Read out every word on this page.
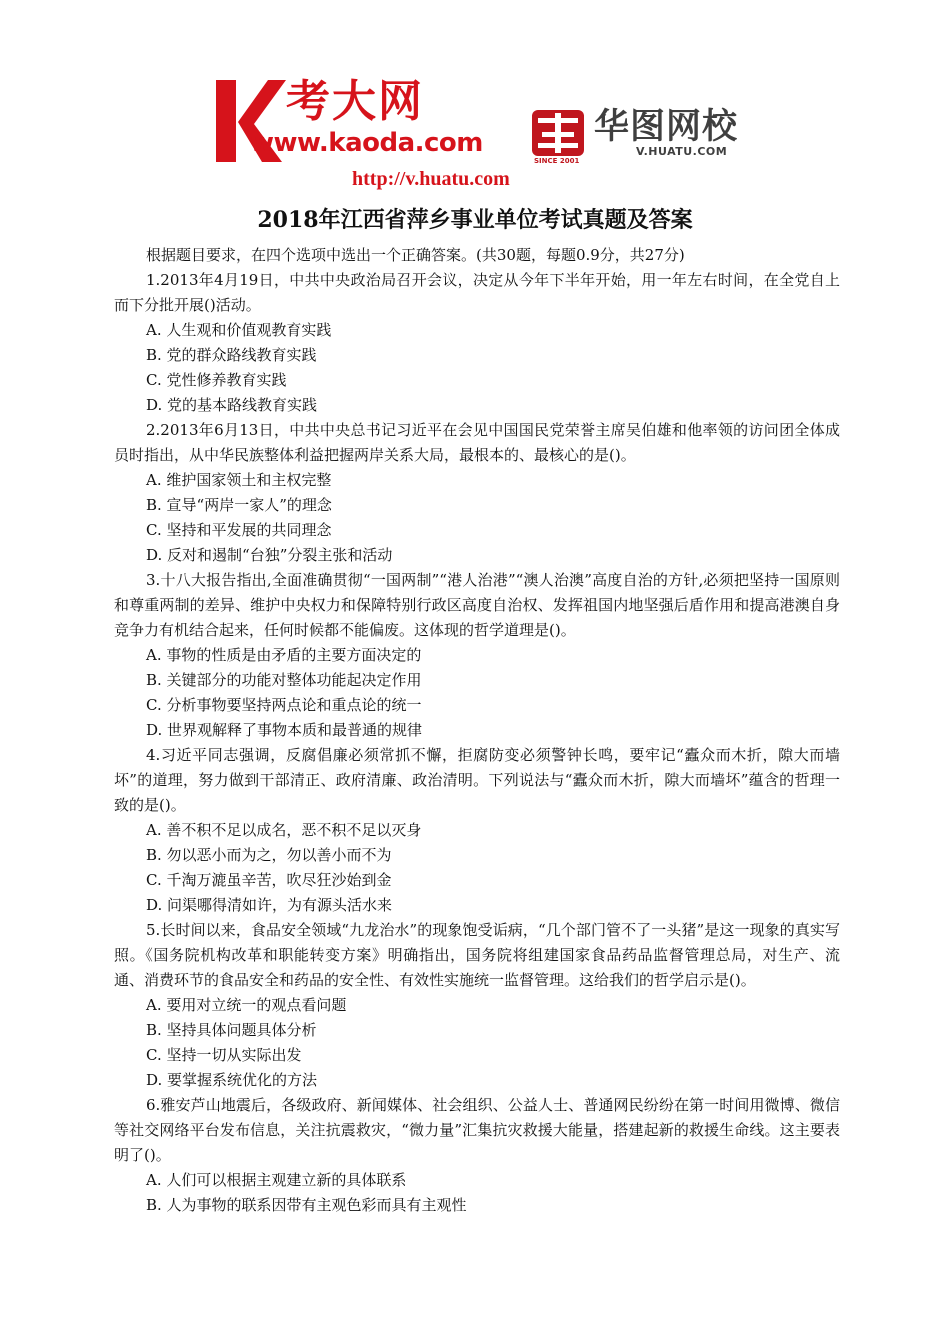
考大网
www.kaoda.com
SINCE 2001
华图网校
V.HUATU.COM
http://v.huatu.com
2018年江西省萍乡事业单位考试真题及答案

根据题目要求，在四个选项中选出一个正确答案。(共30题，每题0.9分，共27分)

1.2013年4月19日，中共中央政治局召开会议，决定从今年下半年开始，用一年左右时间，在全党自上而下分批开展()活动。

A. 人生观和价值观教育实践

B. 党的群众路线教育实践

C. 党性修养教育实践

D. 党的基本路线教育实践

2.2013年6月13日，中共中央总书记习近平在会见中国国民党荣誉主席吴伯雄和他率领的访问团全体成员时指出，从中华民族整体利益把握两岸关系大局，最根本的、最核心的是()。

A. 维护国家领土和主权完整

B. 宣导“两岸一家人”的理念

C. 坚持和平发展的共同理念

D. 反对和遏制“台独”分裂主张和活动

3.十八大报告指出,全面准确贯彻“一国两制”“港人治港”“澳人治澳”高度自治的方针,必须把坚持一国原则和尊重两制的差异、维护中央权力和保障特别行政区高度自治权、发挥祖国内地坚强后盾作用和提高港澳自身竞争力有机结合起来，任何时候都不能偏废。这体现的哲学道理是()。

A. 事物的性质是由矛盾的主要方面决定的

B. 关键部分的功能对整体功能起决定作用

C. 分析事物要坚持两点论和重点论的统一

D. 世界观解释了事物本质和最普通的规律

4.习近平同志强调，反腐倡廉必须常抓不懈，拒腐防变必须警钟长鸣，要牢记“蠹众而木折，隙大而墙坏”的道理，努力做到干部清正、政府清廉、政治清明。下列说法与“蠹众而木折，隙大而墙坏”蕴含的哲理一致的是()。

A. 善不积不足以成名，恶不积不足以灭身

B. 勿以恶小而为之，勿以善小而不为

C. 千淘万漉虽辛苦，吹尽狂沙始到金

D. 问渠哪得清如许，为有源头活水来

5.长时间以来，食品安全领域“九龙治水”的现象饱受诟病，“几个部门管不了一头猪”是这一现象的真实写照。《国务院机构改革和职能转变方案》明确指出，国务院将组建国家食品药品监督管理总局，对生产、流通、消费环节的食品安全和药品的安全性、有效性实施统一监督管理。这给我们的哲学启示是()。

A. 要用对立统一的观点看问题

B. 坚持具体问题具体分析

C. 坚持一切从实际出发

D. 要掌握系统优化的方法

6.雅安芦山地震后，各级政府、新闻媒体、社会组织、公益人士、普通网民纷纷在第一时间用微博、微信等社交网络平台发布信息，关注抗震救灾，“微力量”汇集抗灾救援大能量，搭建起新的救援生命线。这主要表明了()。

A. 人们可以根据主观建立新的具体联系

B. 人为事物的联系因带有主观色彩而具有主观性
